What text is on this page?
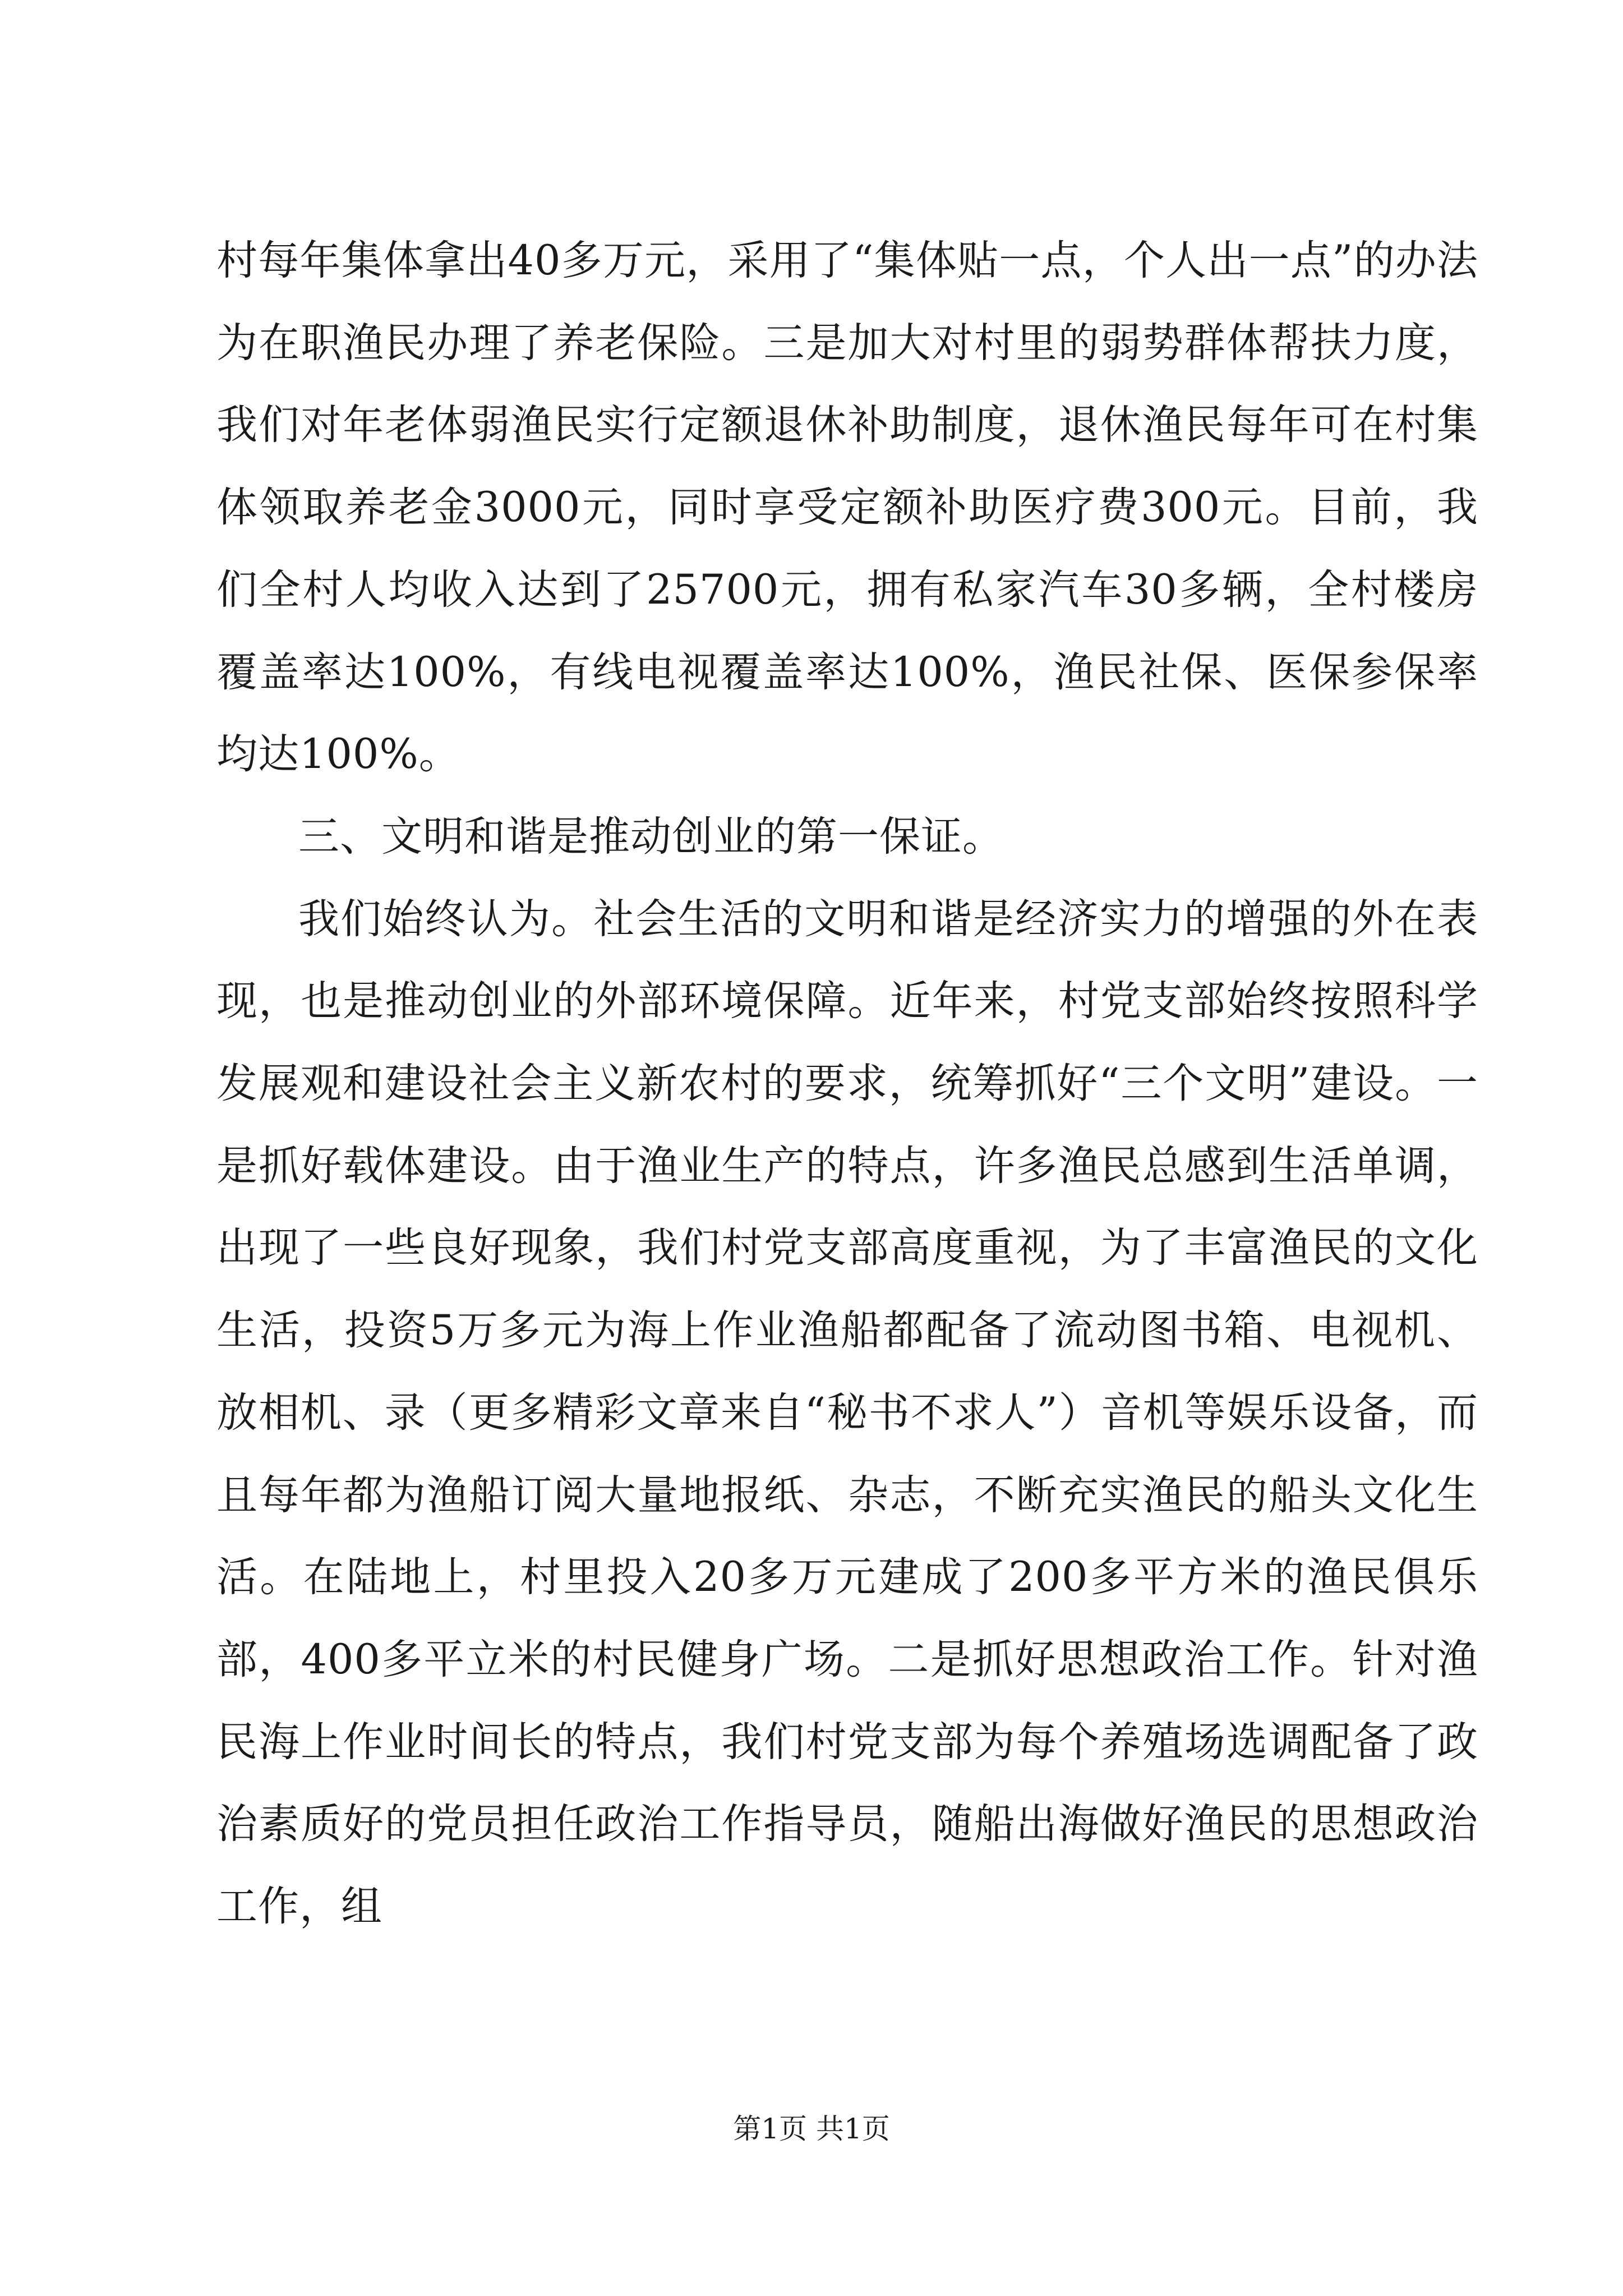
村每年集体拿出40多万元，采用了“集体贴一点，个人出一点”的办法为在职渔民办理了养老保险。三是加大对村里的弱势群体帮扶力度，我们对年老体弱渔民实行定额退休补助制度，退休渔民每年可在村集体领取养老金3000元，同时享受定额补助医疗费300元。目前，我们全村人均收入达到了25700元，拥有私家汽车30多辆，全村楼房覆盖率达100%，有线电视覆盖率达100%，渔民社保、医保参保率均达100%。

三、文明和谐是推动创业的第一保证。

我们始终认为。社会生活的文明和谐是经济实力的增强的外在表现，也是推动创业的外部环境保障。近年来，村党支部始终按照科学发展观和建设社会主义新农村的要求，统筹抓好“三个文明”建设。一是抓好载体建设。由于渔业生产的特点，许多渔民总感到生活单调，出现了一些良好现象，我们村党支部高度重视，为了丰富渔民的文化生活，投资5万多元为海上作业渔船都配备了流动图书箱、电视机、放相机、录（更多精彩文章来自“秘书不求人”）音机等娱乐设备，而且每年都为渔船订阅大量地报纸、杂志，不断充实渔民的船头文化生活。在陆地上，村里投入20多万元建成了200多平方米的渔民俱乐部，400多平立米的村民健身广场。二是抓好思想政治工作。针对渔民海上作业时间长的特点，我们村党支部为每个养殖场选调配备了政治素质好的党员担任政治工作指导员，随船出海做好渔民的思想政治工作，组

第1页 共1页
